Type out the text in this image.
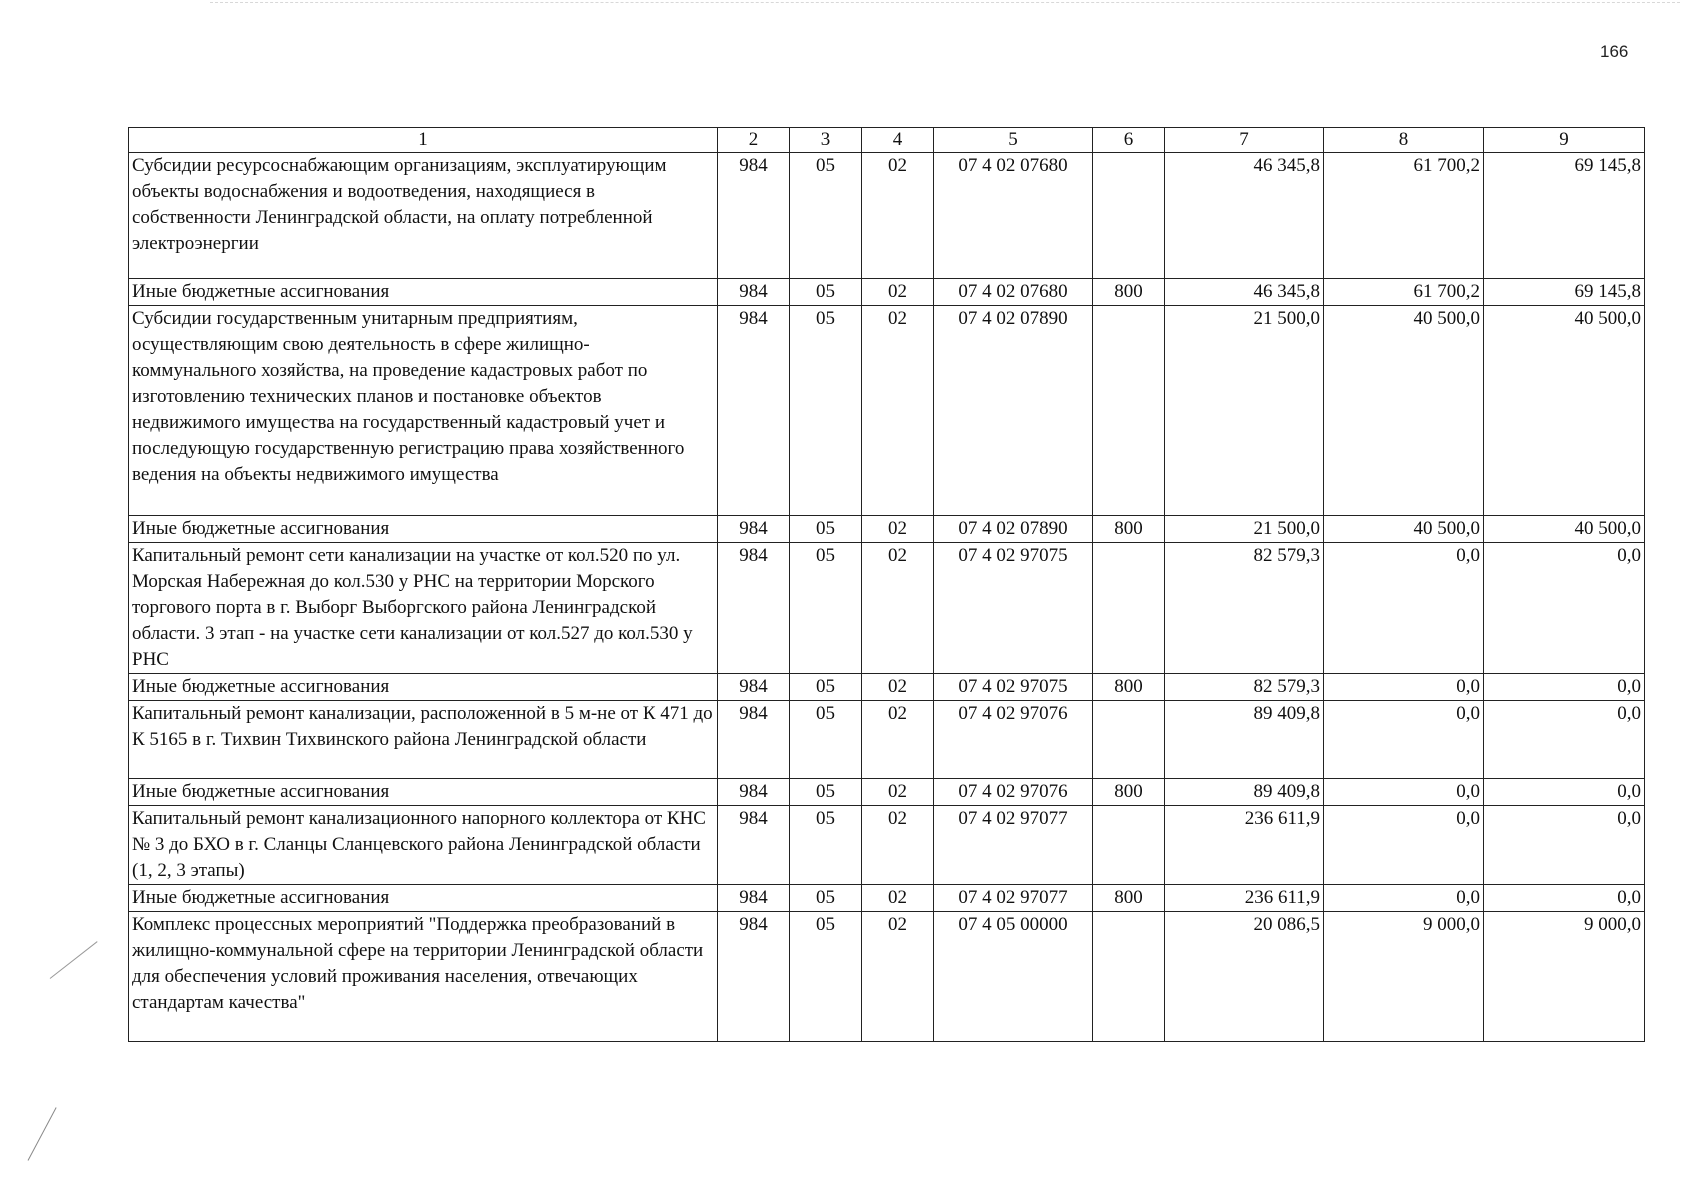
166
1	2	3	4	5	6	7	8	9
Субсидии ресурсоснабжающим организациям, эксплуатирующим объекты водоснабжения и водоотведения, находящиеся в собственности Ленинградской области, на оплату потребленной электроэнергии	984	05	02	07 4 02 07680		46 345,8	61 700,2	69 145,8
Иные бюджетные ассигнования	984	05	02	07 4 02 07680	800	46 345,8	61 700,2	69 145,8
Субсидии государственным унитарным предприятиям, осуществляющим свою деятельность в сфере жилищно-коммунального хозяйства, на проведение кадастровых работ по изготовлению технических планов и постановке объектов недвижимого имущества на государственный кадастровый учет и последующую государственную регистрацию права хозяйственного ведения на объекты недвижимого имущества	984	05	02	07 4 02 07890		21 500,0	40 500,0	40 500,0
Иные бюджетные ассигнования	984	05	02	07 4 02 07890	800	21 500,0	40 500,0	40 500,0
Капитальный ремонт сети канализации на участке от кол.520 по ул. Морская Набережная до кол.530 у РНС на территории Морского торгового порта в г. Выборг Выборгского района Ленинградской области. 3 этап - на участке сети канализации от кол.527 до кол.530 у РНС	984	05	02	07 4 02 97075		82 579,3	0,0	0,0
Иные бюджетные ассигнования	984	05	02	07 4 02 97075	800	82 579,3	0,0	0,0
Капитальный ремонт канализации, расположенной в 5 м-не от К 471 до К 5165 в г. Тихвин Тихвинского района Ленинградской области	984	05	02	07 4 02 97076		89 409,8	0,0	0,0
Иные бюджетные ассигнования	984	05	02	07 4 02 97076	800	89 409,8	0,0	0,0
Капитальный ремонт канализационного напорного коллектора от КНС № 3 до БХО в г. Сланцы Сланцевского района Ленинградской области (1, 2, 3 этапы)	984	05	02	07 4 02 97077		236 611,9	0,0	0,0
Иные бюджетные ассигнования	984	05	02	07 4 02 97077	800	236 611,9	0,0	0,0
Комплекс процессных мероприятий "Поддержка преобразований в жилищно-коммунальной сфере на территории Ленинградской области для обеспечения условий проживания населения, отвечающих стандартам качества"	984	05	02	07 4 05 00000		20 086,5	9 000,0	9 000,0
